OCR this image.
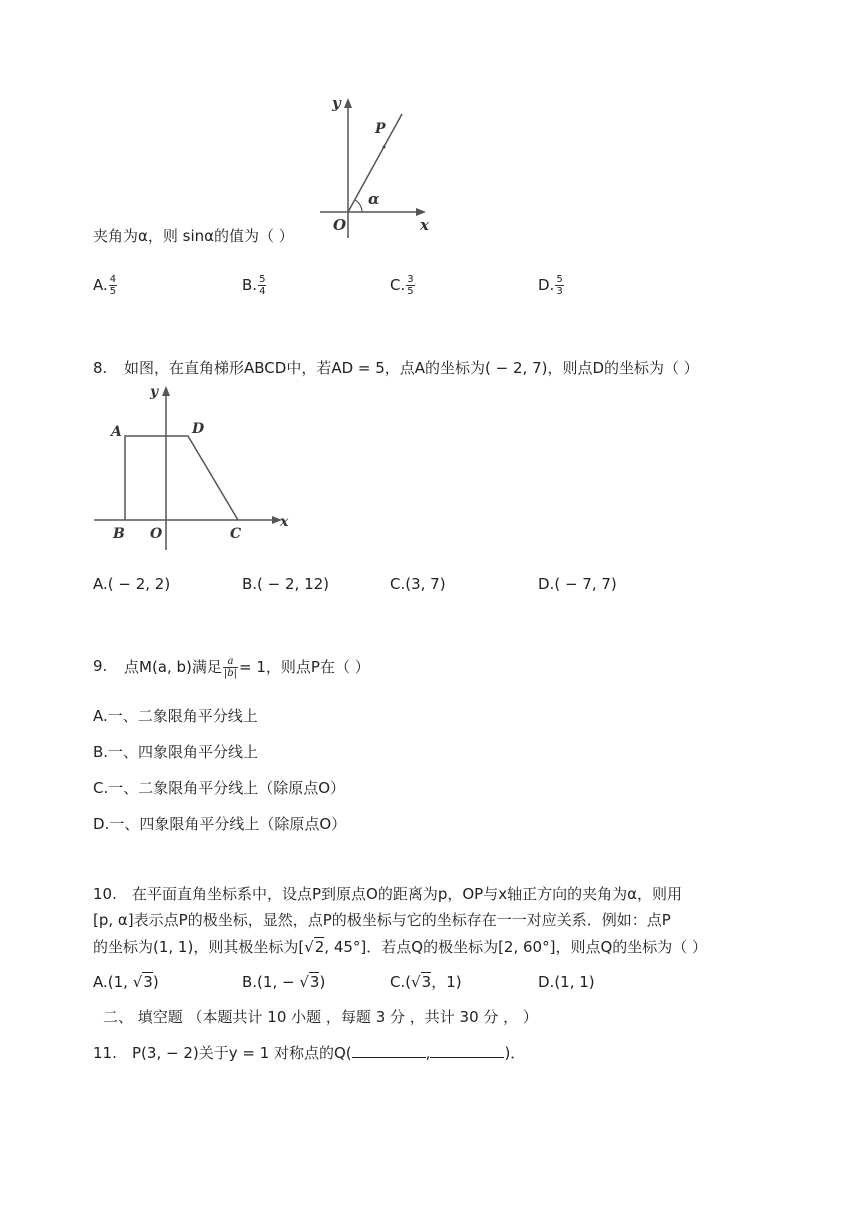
y
P
α
O	x
夹角为α，则 sinα的值为（ ）
A. $\frac{4}{5}$	B. $\frac{5}{4}$	C. $\frac{3}{5}$	D. $\frac{5}{3}$
8. 如图，在直角梯形ABCD中，若AD = 5，点A的坐标为( − 2, 7)，则点D的坐标为（ ）
y
A	D
B O	C
x
A.( − 2, 2)	B.( − 2, 12)	C.(3, 7)	D.( − 7, 7)
9. 点M(a, b)满足 $\frac{a}{|b|} = 1$，则点P在（ ）
A.一、二象限角平分线上
B.一、四象限角平分线上
C.一、二象限角平分线上（除原点O）
D.一、四象限角平分线上（除原点O）
10. 在平面直角坐标系中，设点P到原点O的距离为p，OP与x轴正方向的夹角为α，则用
[p, α]表示点P的极坐标，显然，点P的极坐标与它的坐标存在一一对应关系．例如：点P
的坐标为(1, 1)，则其极坐标为[√2, 45°]．若点Q的极坐标为[2, 60°]，则点Q的坐标为（ ）
A.(1, √3)	B.(1, − √3)	C.(√3，1)	D.(1, 1)
二、 填空题 （本题共计 10 小题 ，每题 3 分 ，共计 30 分 ， ）
11. P(3, − 2)关于y = 1 对称点的Q(	,	)．
